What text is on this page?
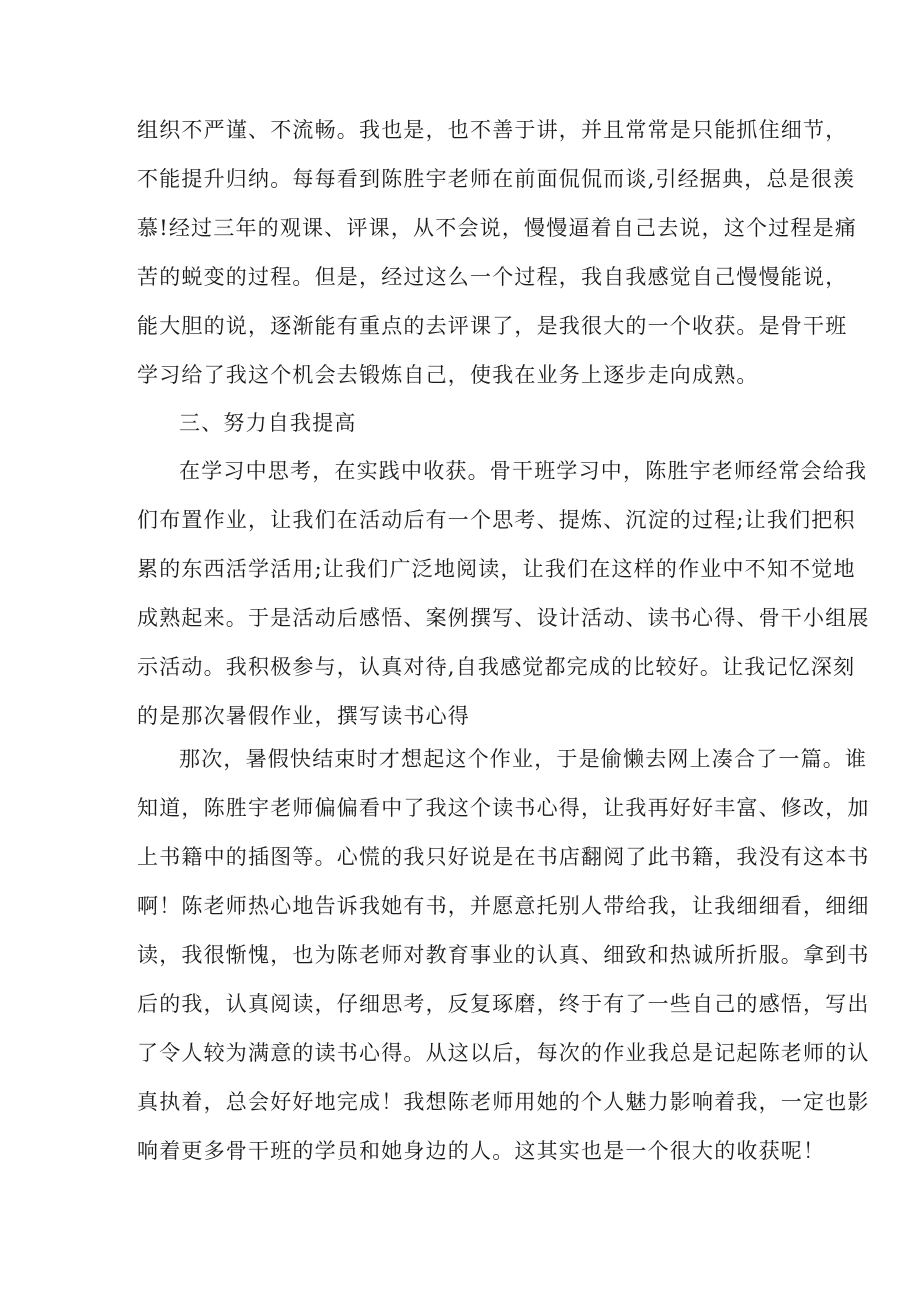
组织不严谨、不流畅。我也是，也不善于讲，并且常常是只能抓住细节，
不能提升归纳。每每看到陈胜宇老师在前面侃侃而谈,引经据典，总是很羡
慕!经过三年的观课、评课，从不会说，慢慢逼着自己去说，这个过程是痛
苦的蜕变的过程。但是，经过这么一个过程，我自我感觉自己慢慢能说，
能大胆的说，逐渐能有重点的去评课了，是我很大的一个收获。是骨干班
学习给了我这个机会去锻炼自己，使我在业务上逐步走向成熟。
三、努力自我提高
在学习中思考，在实践中收获。骨干班学习中，陈胜宇老师经常会给我
们布置作业，让我们在活动后有一个思考、提炼、沉淀的过程;让我们把积
累的东西活学活用;让我们广泛地阅读，让我们在这样的作业中不知不觉地
成熟起来。于是活动后感悟、案例撰写、设计活动、读书心得、骨干小组展
示活动。我积极参与，认真对待,自我感觉都完成的比较好。让我记忆深刻
的是那次暑假作业，撰写读书心得
那次，暑假快结束时才想起这个作业，于是偷懒去网上凑合了一篇。谁
知道，陈胜宇老师偏偏看中了我这个读书心得，让我再好好丰富、修改，加
上书籍中的插图等。心慌的我只好说是在书店翻阅了此书籍，我没有这本书
啊！陈老师热心地告诉我她有书，并愿意托别人带给我，让我细细看，细细
读，我很惭愧，也为陈老师对教育事业的认真、细致和热诚所折服。拿到书
后的我，认真阅读，仔细思考，反复琢磨，终于有了一些自己的感悟，写出
了令人较为满意的读书心得。从这以后，每次的作业我总是记起陈老师的认
真执着，总会好好地完成！我想陈老师用她的个人魅力影响着我，一定也影
响着更多骨干班的学员和她身边的人。这其实也是一个很大的收获呢！
